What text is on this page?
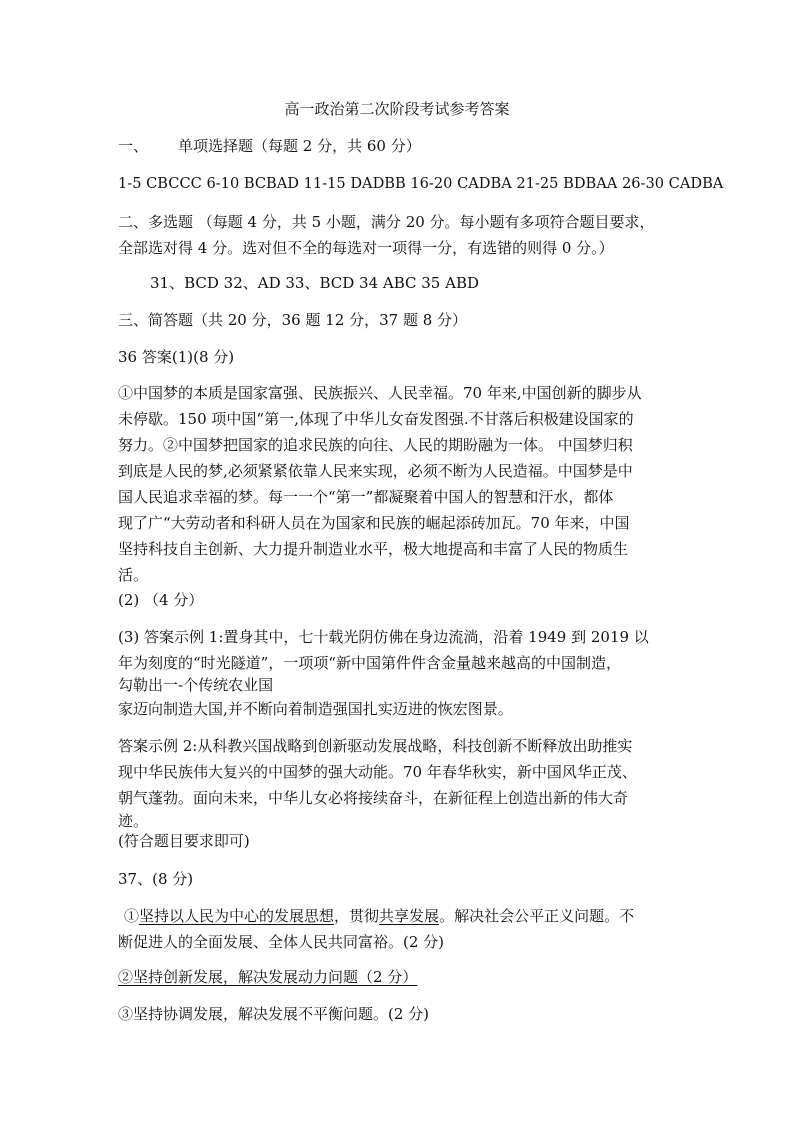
高一政治第二次阶段考试参考答案
一、 单项选择题（每题 2 分，共 60 分）
1-5 CBCCC 6-10 BCBAD 11-15 DADBB 16-20 CADBA 21-25 BDBAA 26-30 CADBA
二、多选题 （每题 4 分，共 5 小题，满分 20 分。每小题有多项符合题目要求，
全部选对得 4 分。选对但不全的每选对一项得一分，有选错的则得 0 分。）
31、BCD 32、AD 33、BCD 34 ABC 35 ABD
三、简答题（共 20 分，36 题 12 分，37 题 8 分）
36 答案(1)(8 分)
①中国梦的本质是国家富强、民族振兴、人民幸福。70 年来,中国创新的脚步从
未停歇。150 项中国“第一,体现了中华儿女奋发图强.不甘落后积极建设国家的
努力。②中国梦把国家的追求民族的向往、人民的期盼融为一体。 中国梦归积
到底是人民的梦,必须紧紧依靠人民来实现，必须不断为人民造福。中国梦是中
国人民追求幸福的梦。每一一个“第一”都凝聚着中国人的智慧和汗水，都体
现了广“大劳动者和科研人员在为国家和民族的崛起添砖加瓦。70 年来，中国
坚持科技自主创新、大力提升制造业水平，极大地提高和丰富了人民的物质生
活。
(2) （4 分）
(3) 答案示例 1:置身其中，七十载光阴仿佛在身边流淌，沿着 1949 到 2019 以
年为刻度的“时光隧道”，一项项“新中国第件件含金量越来越高的中国制造，
勾勒出一-个传统农业国
家迈向制造大国,并不断向着制造强国扎实迈进的恢宏图景。
答案示例 2:从科教兴国战略到创新驱动发展战略，科技创新不断释放出助推实
现中华民族伟大复兴的中国梦的强大动能。70 年春华秋实，新中国风华正茂、
朝气蓬勃。面向未来，中华儿女必将接续奋斗，在新征程上创造出新的伟大奇
迹。
(符合题目要求即可)
37、(8 分)
①坚持以人民为中心的发展思想，贯彻共享发展。解决社会公平正义问题。不
断促进人的全面发展、全体人民共同富裕。(2 分)
②坚持创新发展，解决发展动力问题（2 分）
③坚持协调发展，解决发展不平衡问题。(2 分)
